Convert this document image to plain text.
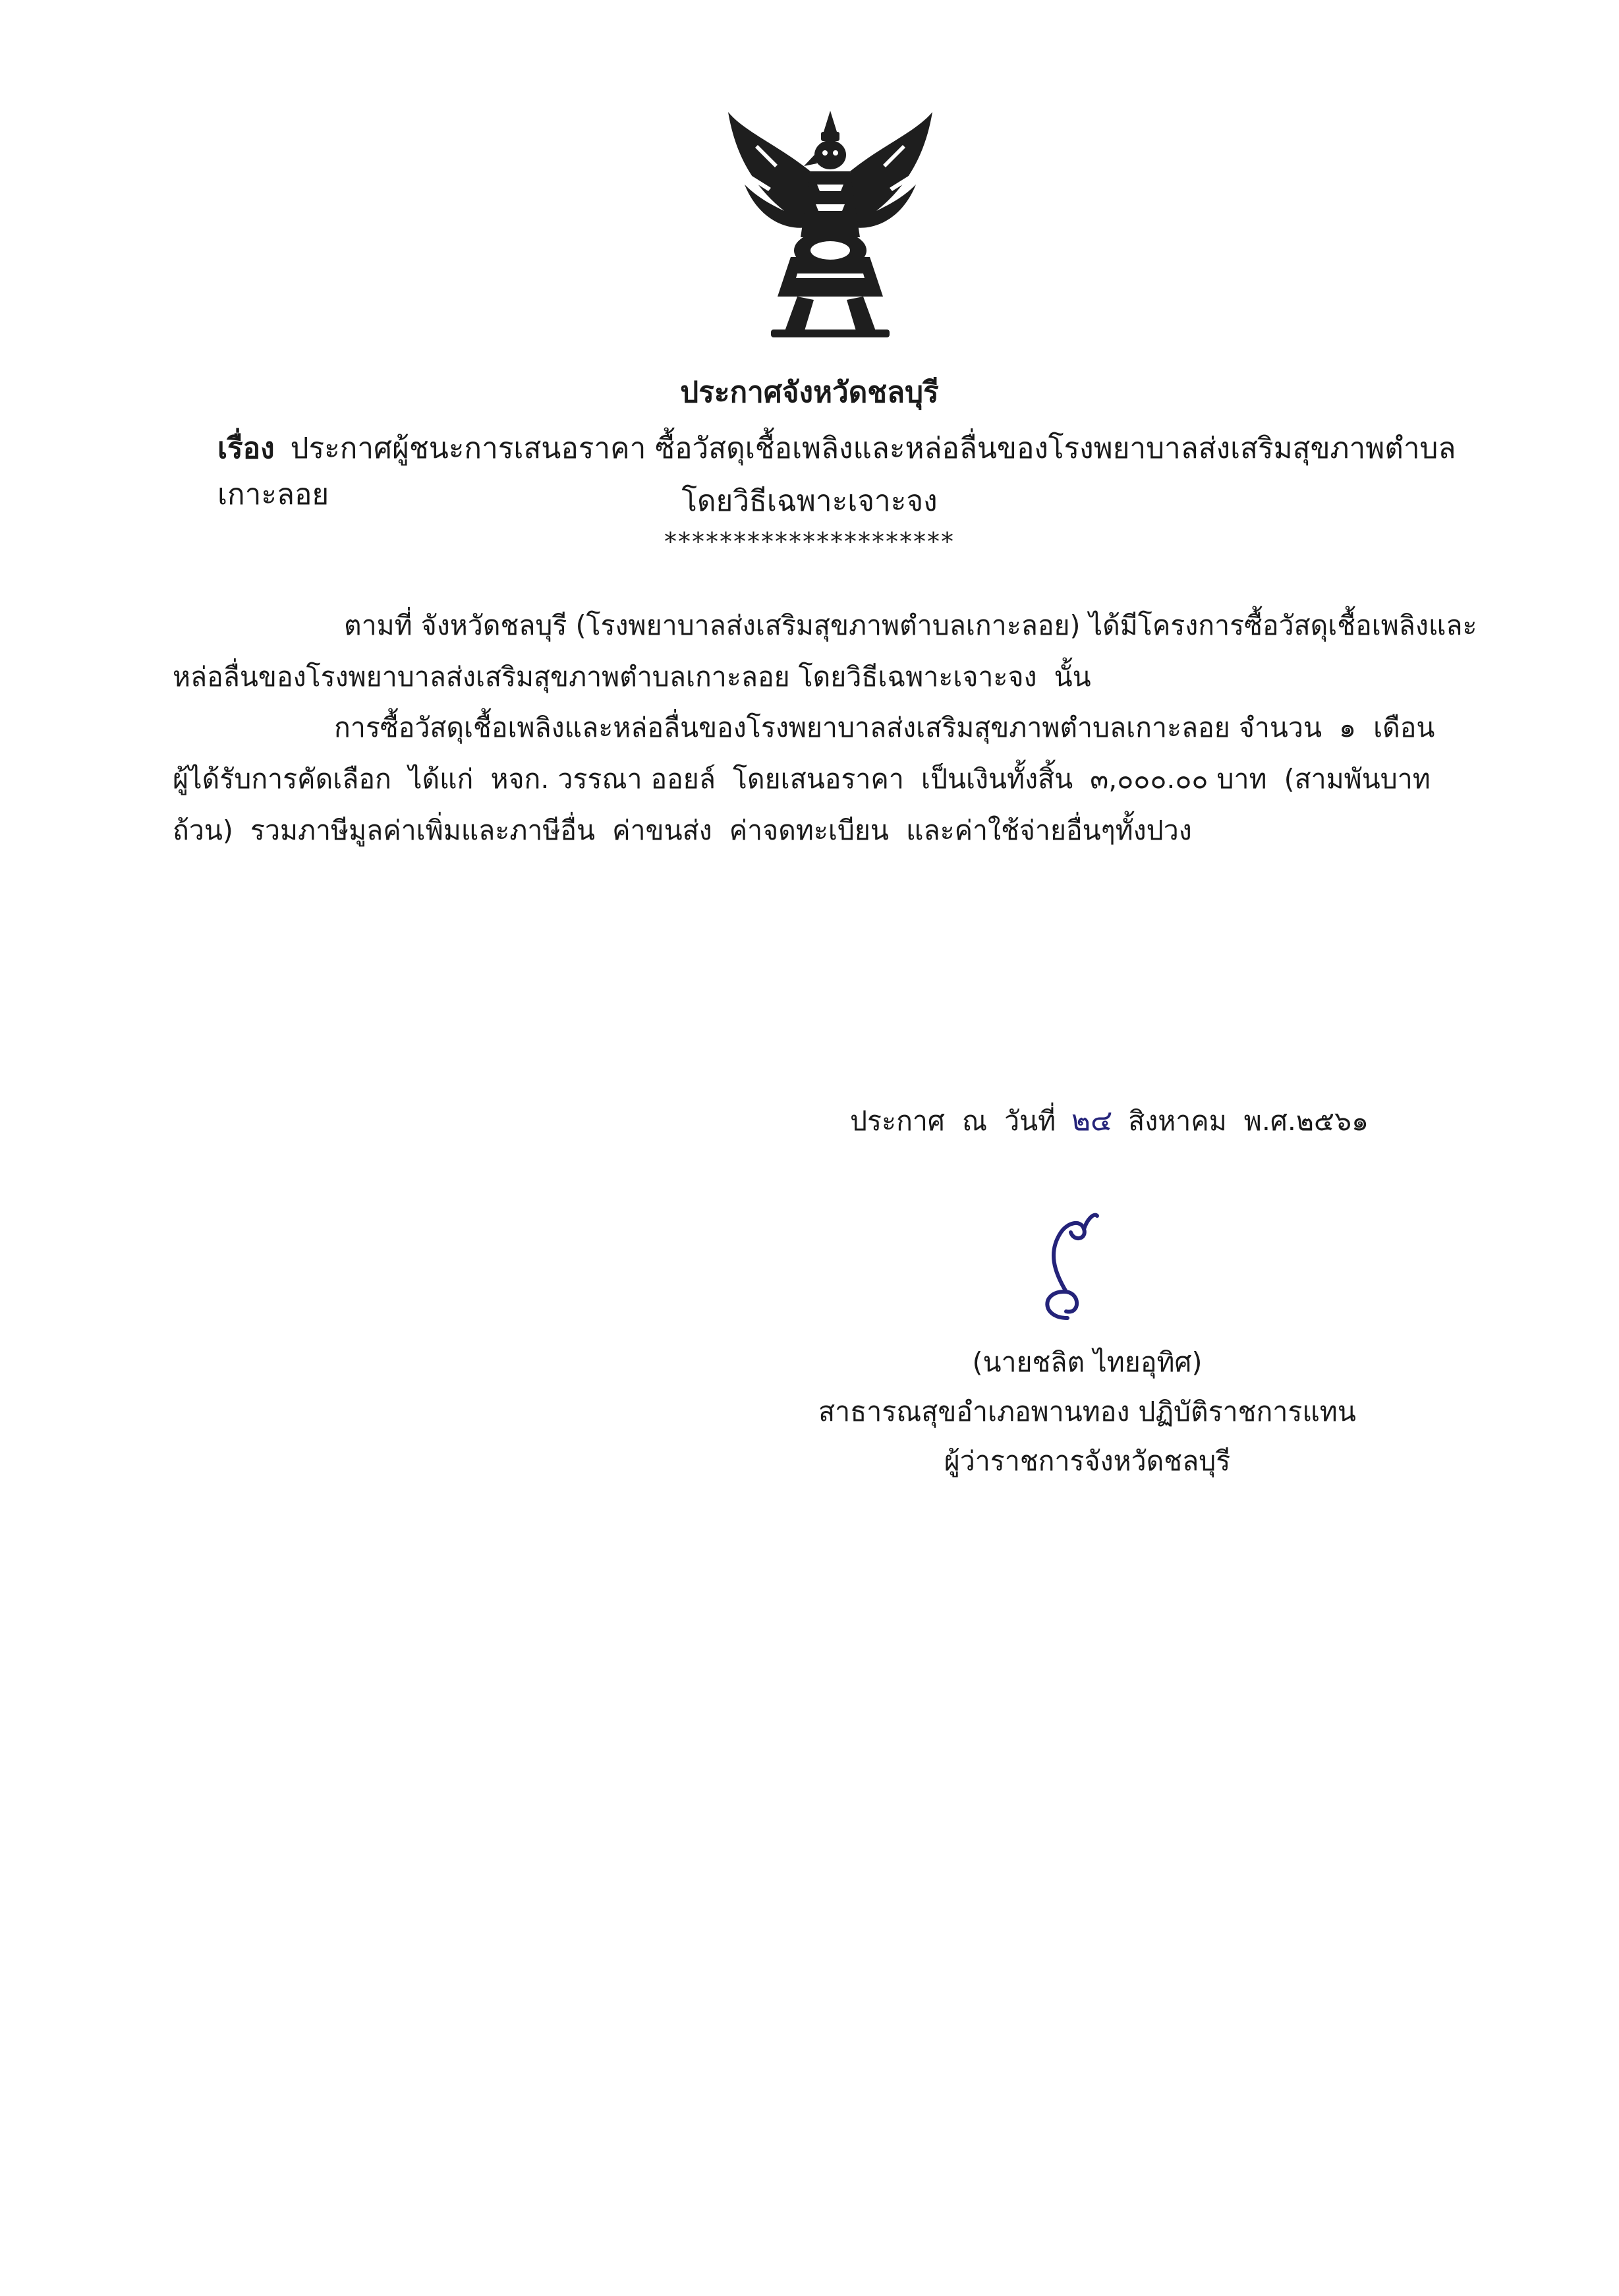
ประกาศจังหวัดชลบุรี
เรื่อง ประกาศผู้ชนะการเสนอราคา ซื้อวัสดุเชื้อเพลิงและหล่อลื่นของโรงพยาบาลส่งเสริมสุขภาพตำบลเกาะลอย	โดยวิธีเฉพาะเจาะจง
*********************
ตามที่ จังหวัดชลบุรี (โรงพยาบาลส่งเสริมสุขภาพตำบลเกาะลอย) ได้มีโครงการซื้อวัสดุเชื้อเพลิงและ
หล่อลื่นของโรงพยาบาลส่งเสริมสุขภาพตำบลเกาะลอย โดยวิธีเฉพาะเจาะจง  นั้น
การซื้อวัสดุเชื้อเพลิงและหล่อลื่นของโรงพยาบาลส่งเสริมสุขภาพตำบลเกาะลอย จำนวน  ๑  เดือน
ผู้ได้รับการคัดเลือก  ได้แก่  หจก. วรรณา ออยล์  โดยเสนอราคา  เป็นเงินทั้งสิ้น  ๓,๐๐๐.๐๐ บาท  (สามพันบาท
ถ้วน)  รวมภาษีมูลค่าเพิ่มและภาษีอื่น  ค่าขนส่ง  ค่าจดทะเบียน  และค่าใช้จ่ายอื่นๆทั้งปวง
ประกาศ  ณ  วันที่ ๒๔ สิงหาคม  พ.ศ.๒๕๖๑
(นายชลิต ไทยอุทิศ)
สาธารณสุขอำเภอพานทอง ปฏิบัติราชการแทน
ผู้ว่าราชการจังหวัดชลบุรี
